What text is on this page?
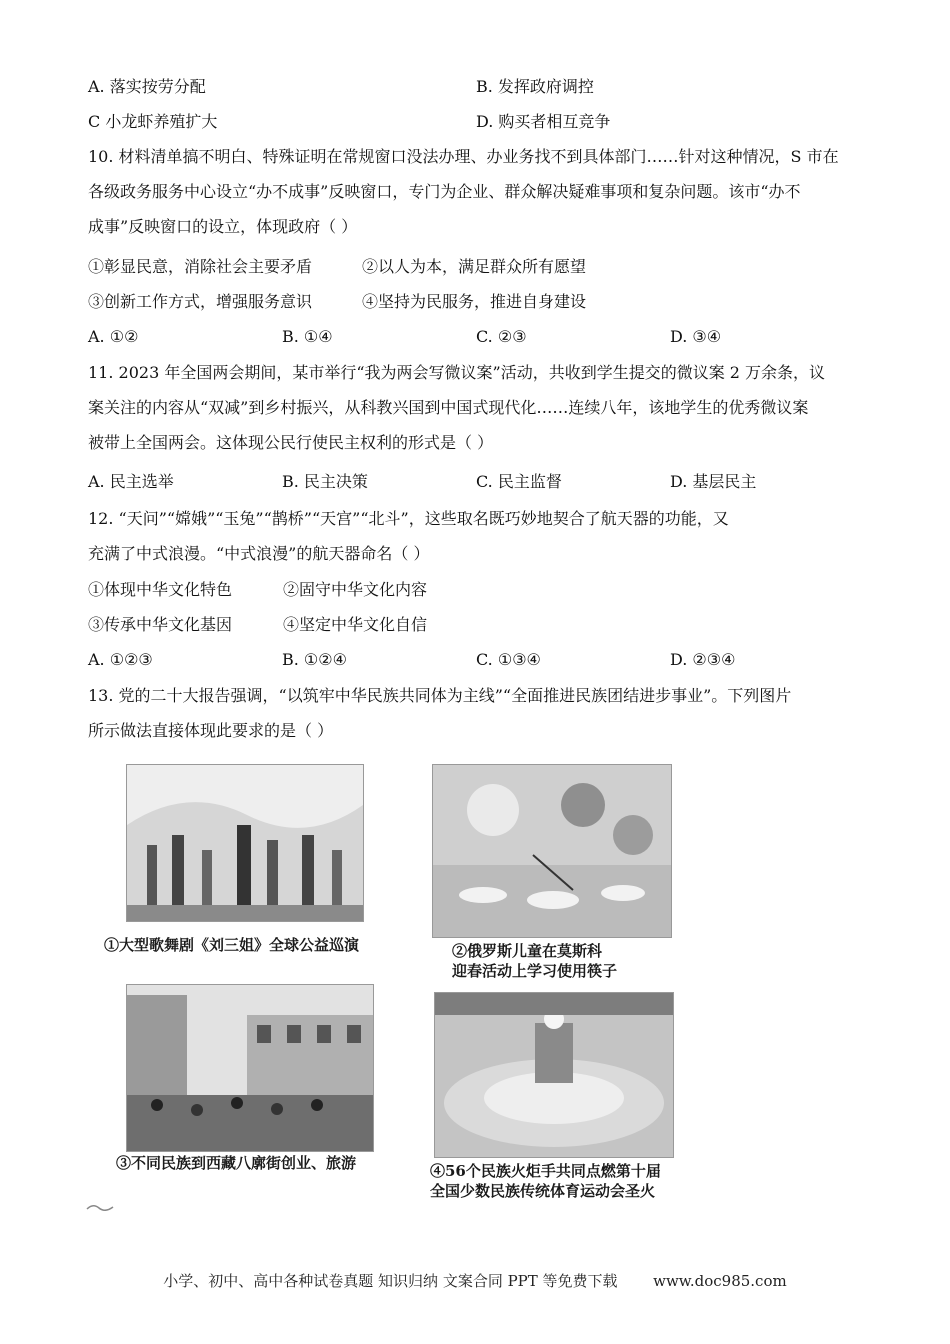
A. 落实按劳分配	B. 发挥政府调控
C 小龙虾养殖扩大	D. 购买者相互竞争
10. 材料清单搞不明白、特殊证明在常规窗口没法办理、办业务找不到具体部门……针对这种情况，S 市在
各级政务服务中心设立“办不成事”反映窗口，专门为企业、群众解决疑难事项和复杂问题。该市“办不
成事”反映窗口的设立，体现政府（ ）
①彰显民意，消除社会主要矛盾	②以人为本，满足群众所有愿望
③创新工作方式，增强服务意识	④坚持为民服务，推进自身建设
A. ①②	B. ①④	C. ②③	D. ③④
11. 2023 年全国两会期间，某市举行“我为两会写微议案”活动，共收到学生提交的微议案 2 万余条，议
案关注的内容从“双减”到乡村振兴，从科教兴国到中国式现代化……连续八年，该地学生的优秀微议案
被带上全国两会。这体现公民行使民主权利的形式是（ ）
A. 民主选举	B. 民主决策	C. 民主监督	D. 基层民主
12. “天问”“嫦娥”“玉兔”“鹊桥”“天宫”“北斗”，这些取名既巧妙地契合了航天器的功能，又
充满了中式浪漫。“中式浪漫”的航天器命名（ ）
①体现中华文化特色	②固守中华文化内容
③传承中华文化基因	④坚定中华文化自信
A. ①②③	B. ①②④	C. ①③④	D. ②③④
13. 党的二十大报告强调，“以筑牢中华民族共同体为主线”“全面推进民族团结进步事业”。下列图片
所示做法直接体现此要求的是（ ）
①大型歌舞剧《刘三姐》全球公益巡演	②俄罗斯儿童在莫斯科
迎春活动上学习使用筷子
③不同民族到西藏八廓街创业、旅游	④56个民族火炬手共同点燃第十届
全国少数民族传统体育运动会圣火
小学、初中、高中各种试卷真题 知识归纳 文案合同 PPT 等免费下载 www.doc985.com
